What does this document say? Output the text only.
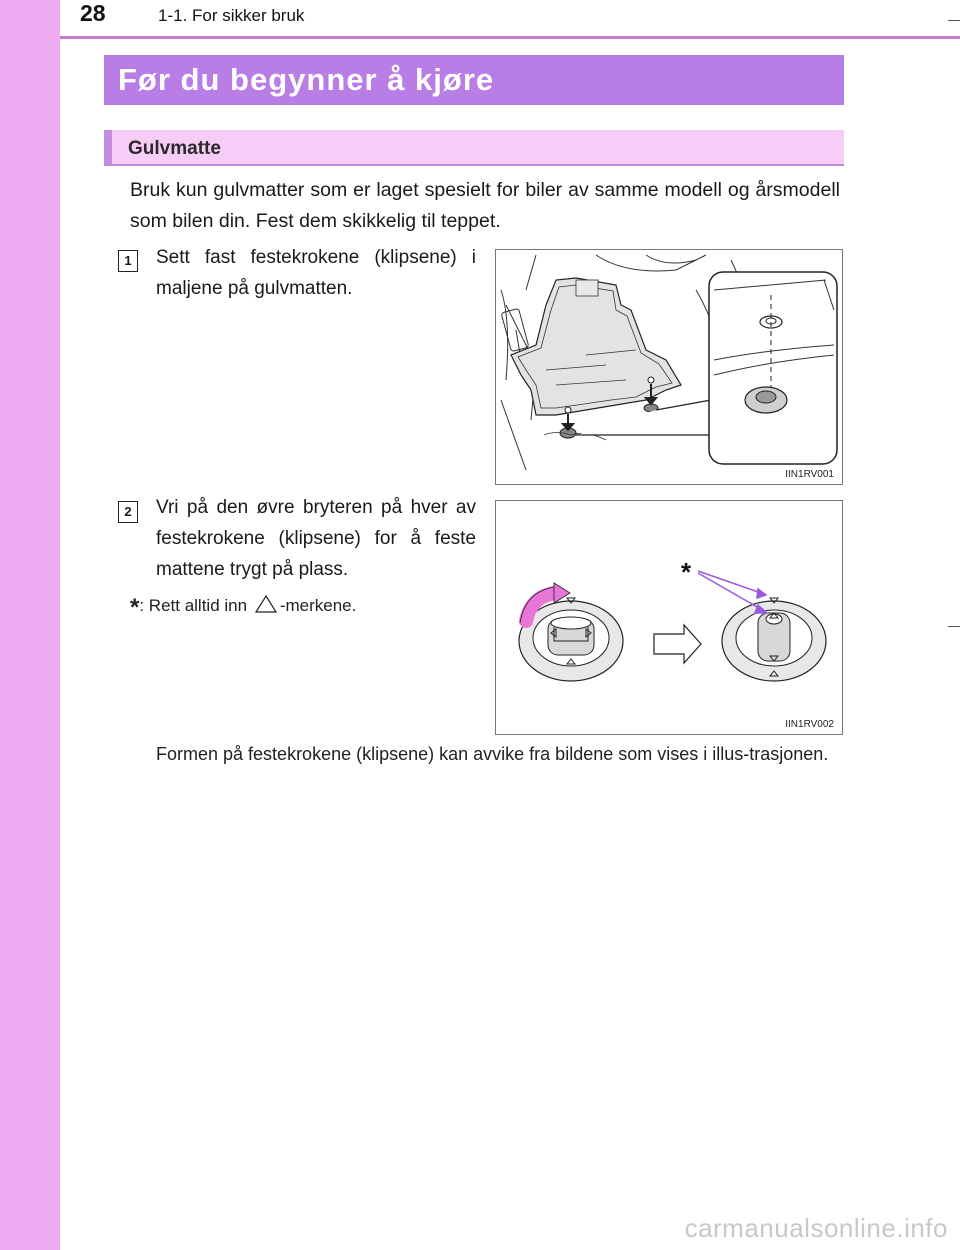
28	1-1. For sikker bruk
Før du begynner å kjøre
Gulvmatte
Bruk kun gulvmatter som er laget spesielt for biler av samme modell og årsmodell som bilen din. Fest dem skikkelig til teppet.
1	Sett fast festekrokene (klipsene) i maljene på gulvmatten.
IIN1RV001
2	Vri på den øvre bryteren på hver av festekrokene (klipsene) for å feste mattene trygt på plass.
*: Rett alltid inn -merkene.
*
IIN1RV002
Formen på festekrokene (klipsene) kan avvike fra bildene som vises i illus-trasjonen.
carmanualsonline.info
